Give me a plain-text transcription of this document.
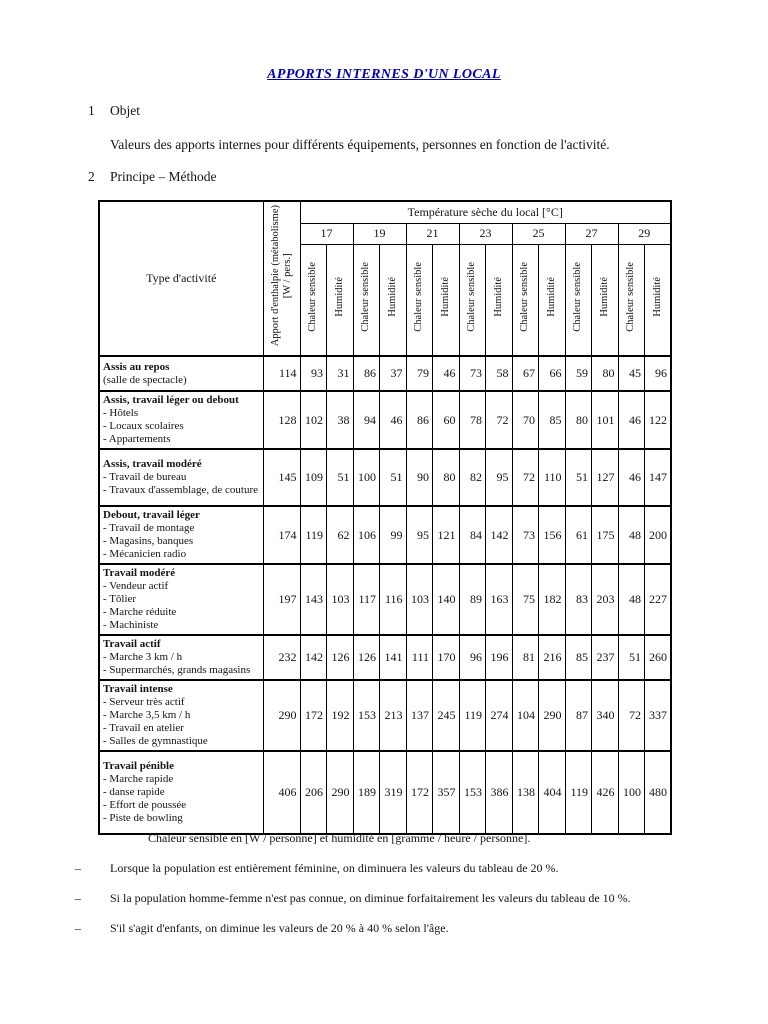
APPORTS INTERNES D'UN LOCAL
1 Objet
Valeurs des apports internes pour différents équipements, personnes en fonction de l'activité.
2 Principe – Méthode
Type d'activité	Apport d'enthalpie (métabolisme) [W / pers.]	Température sèche du local [°C]													
		17		19		21		23		25		27		29	
		Chaleur sensible	Humidité	Chaleur sensible	Humidité	Chaleur sensible	Humidité	Chaleur sensible	Humidité	Chaleur sensible	Humidité	Chaleur sensible	Humidité	Chaleur sensible	Humidité

Assis au repos
(salle de spectacle)	114	93	31	86	37	79	46	73	58	67	66	59	80	45	96

Assis, travail léger ou debout
- Hôtels
- Locaux scolaires
- Appartements	128	102	38	94	46	86	60	78	72	70	85	80	101	46	122

Assis, travail modéré
- Travail de bureau
- Travaux d'assemblage, de couture	145	109	51	100	51	90	80	82	95	72	110	51	127	46	147

Debout, travail léger
- Travail de montage
- Magasins, banques
- Mécanicien radio	174	119	62	106	99	95	121	84	142	73	156	61	175	48	200

Travail modéré
- Vendeur actif
- Tôlier
- Marche réduite
- Machiniste	197	143	103	117	116	103	140	89	163	75	182	83	203	48	227

Travail actif
- Marche 3 km / h
- Supermarchés, grands magasins	232	142	126	126	141	111	170	96	196	81	216	85	237	51	260

Travail intense
- Serveur très actif
- Marche 3,5 km / h
- Travail en atelier
- Salles de gymnastique	290	172	192	153	213	137	245	119	274	104	290	87	340	72	337

Travail pénible
- Marche rapide
- danse rapide
- Effort de poussée
- Piste de bowling	406	206	290	189	319	172	357	153	386	138	404	119	426	100	480
Chaleur sensible en [W / personne] et humidité en [gramme / heure / personne].
– Lorsque la population est entièrement féminine, on diminuera les valeurs du tableau de 20 %.
– Si la population homme-femme n'est pas connue, on diminue forfaitairement les valeurs du tableau de 10 %.
– S'il s'agit d'enfants, on diminue les valeurs de 20 % à 40 % selon l'âge.
